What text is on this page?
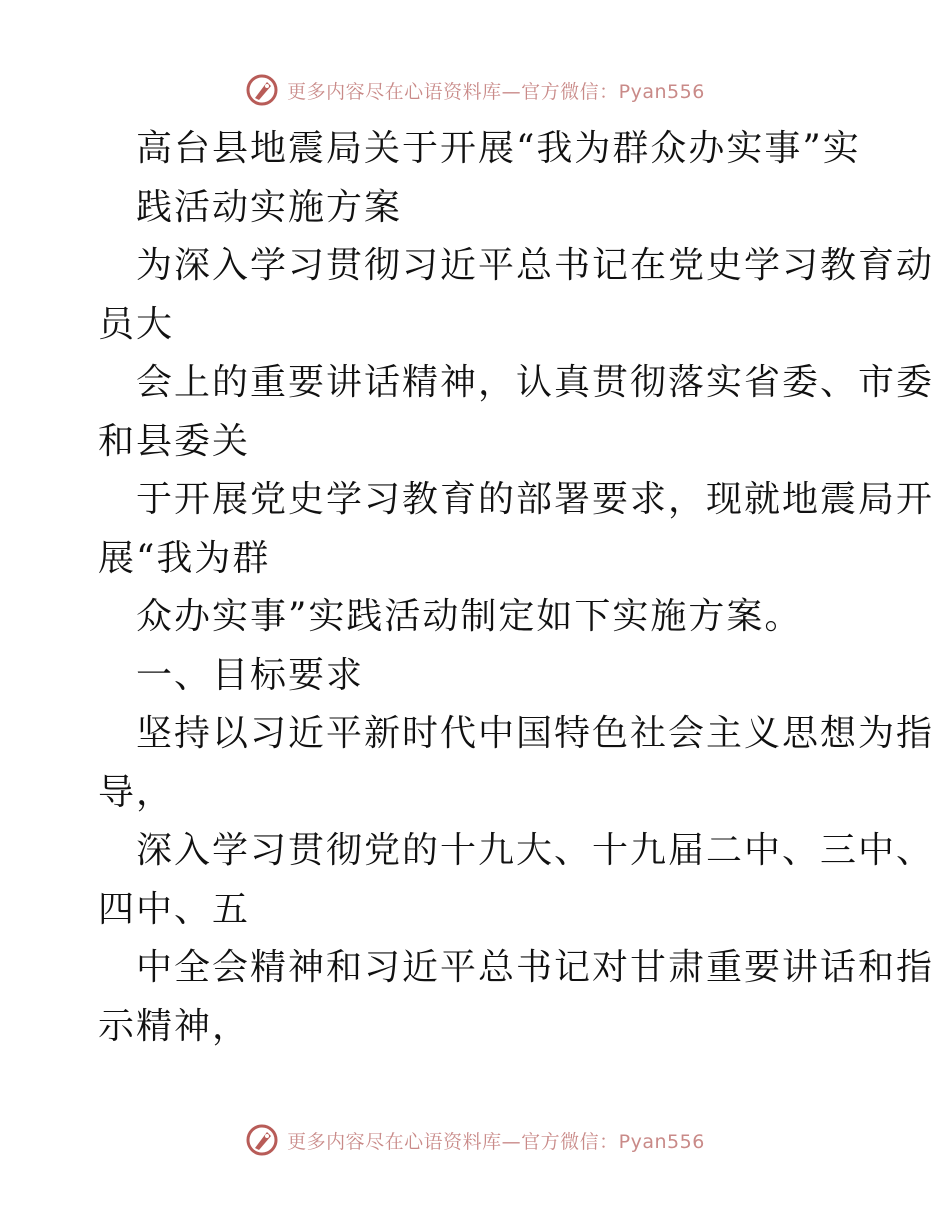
更多内容尽在心语资料库—官方微信：Pyan556
高台县地震局关于开展“我为群众办实事”实
践活动实施方案
为深入学习贯彻习近平总书记在党史学习教育动
员大
会上的重要讲话精神，认真贯彻落实省委、市委
和县委关
于开展党史学习教育的部署要求，现就地震局开
展“我为群
众办实事”实践活动制定如下实施方案。
一、目标要求
坚持以习近平新时代中国特色社会主义思想为指
导，
深入学习贯彻党的十九大、十九届二中、三中、
四中、五
中全会精神和习近平总书记对甘肃重要讲话和指
示精神，
更多内容尽在心语资料库—官方微信：Pyan556
